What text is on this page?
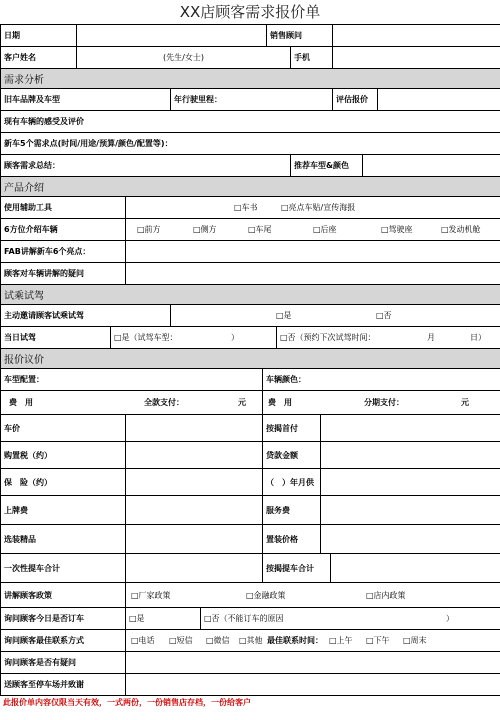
XX店顾客需求报价单
日期	销售顾问
客户姓名	(先生/女士)	手机
需求分析
旧车品牌及车型	年行驶里程：	评估报价
现有车辆的感受及评价
新车5个需求点(时间/用途/预算/颜色/配置等)：
顾客需求总结：	推荐车型&颜色
产品介绍
使用辅助工具	□车书	□亮点车贴/宣传海报
6方位介绍车辆	□前方	□侧方	□车尾	□后座	□驾驶座	□发动机舱
FAB讲解新车6个亮点：
顾客对车辆讲解的疑问
试乘试驾
主动邀请顾客试乘试驾	□是	□否
当日试驾	□是（试驾车型：	）	□否（预约下次试驾时间：	月	日）
报价议价
车型配置：	车辆颜色：
费　用	全款支付：	元	费　用	分期支付：	元
车价	按揭首付
购置税（约）	贷款金额
保　险（约）	（　）年月供
上牌费	服务费
选装精品	置装价格
一次性提车合计	按揭提车合计
讲解顾客政策	□厂家政策	□金融政策	□店内政策
询问顾客今日是否订车	□是	□否（不能订车的原因	）
询问顾客最佳联系方式	□电话 □短信 □微信 □其他 最佳联系时间： □上午 □下午 □周末
询问顾客是否有疑问
送顾客至停车场并致谢
此报价单内容仅限当天有效，一式两份，一份销售店存档，一份给客户
